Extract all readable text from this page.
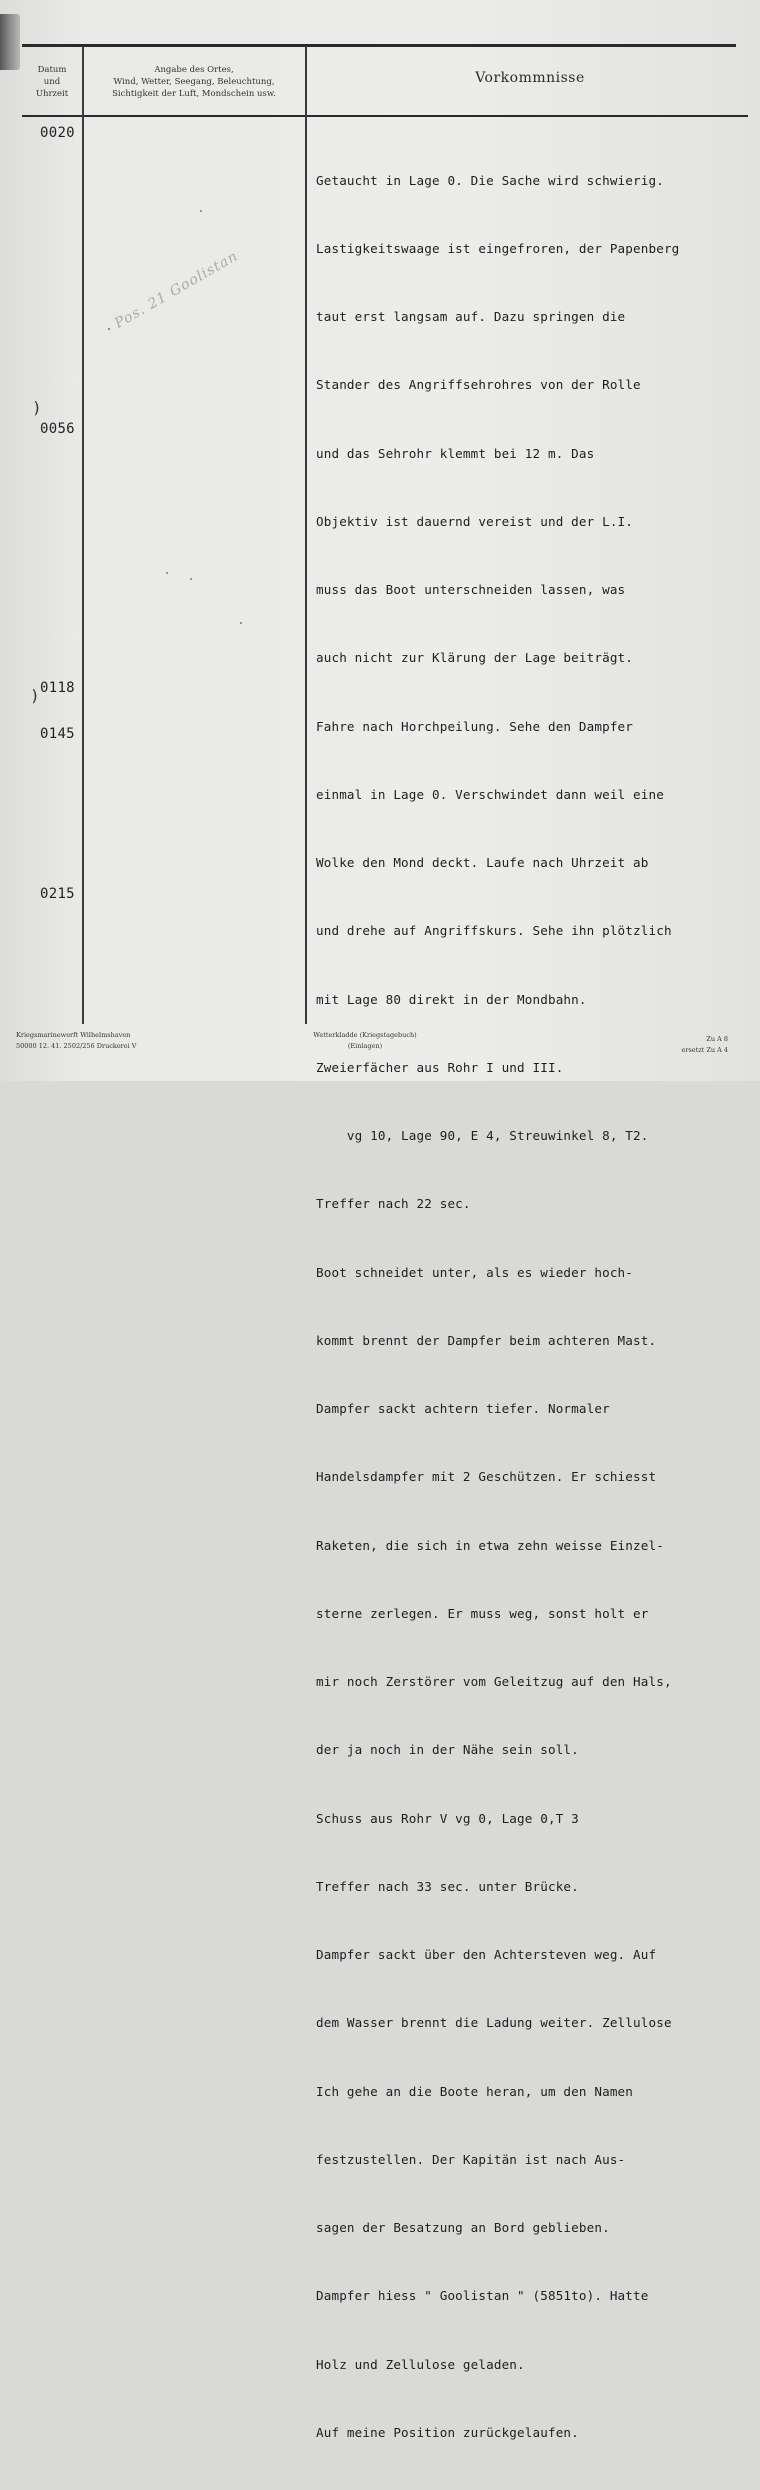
Datum
und
Uhrzeit
Angabe des Ortes,
Wind, Wetter, Seegang, Beleuchtung,
Sichtigkeit der Luft, Mondschein usw.
Vorkommnisse
0020
0056
0118
0145
0215
)
)
Pos. 21 Goolistan

Getaucht in Lage 0. Die Sache wird schwierig.

Lastigkeitswaage ist eingefroren, der Papenberg

taut erst langsam auf. Dazu springen die

Stander des Angriffsehrohres von der Rolle

und das Sehrohr klemmt bei 12 m. Das

Objektiv ist dauernd vereist und der L.I.

muss das Boot unterschneiden lassen, was

auch nicht zur Klärung der Lage beiträgt.

Fahre nach Horchpeilung. Sehe den Dampfer

einmal in Lage 0. Verschwindet dann weil eine

Wolke den Mond deckt. Laufe nach Uhrzeit ab

und drehe auf Angriffskurs. Sehe ihn plötzlich

mit Lage 80 direkt in der Mondbahn.

Zweierfächer aus Rohr I und III.

vg 10, Lage 90, E 4, Streuwinkel 8, T2.

Treffer nach 22 sec.

Boot schneidet unter, als es wieder hoch-

kommt brennt der Dampfer beim achteren Mast.

Dampfer sackt achtern tiefer. Normaler

Handelsdampfer mit 2 Geschützen. Er schiesst

Raketen, die sich in etwa zehn weisse Einzel-

sterne zerlegen. Er muss weg, sonst holt er

mir noch Zerstörer vom Geleitzug auf den Hals,

der ja noch in der Nähe sein soll.

Schuss aus Rohr V vg 0, Lage 0,T 3

Treffer nach 33 sec. unter Brücke.

Dampfer sackt über den Achtersteven weg. Auf

dem Wasser brennt die Ladung weiter. Zellulose

Ich gehe an die Boote heran, um den Namen

festzustellen. Der Kapitän ist nach Aus-

sagen der Besatzung an Bord geblieben.

Dampfer hiess " Goolistan " (5851to). Hatte

Holz und Zellulose geladen.

Auf meine Position zurückgelaufen.

Kriegsmarinewerft Wilhelmshaven
50000 12. 41. 2502/256 Druckerei V
Wetterkladde (Kriegstagebuch)
(Einlagen)
Zu A 8
ersetzt Zu A 4
